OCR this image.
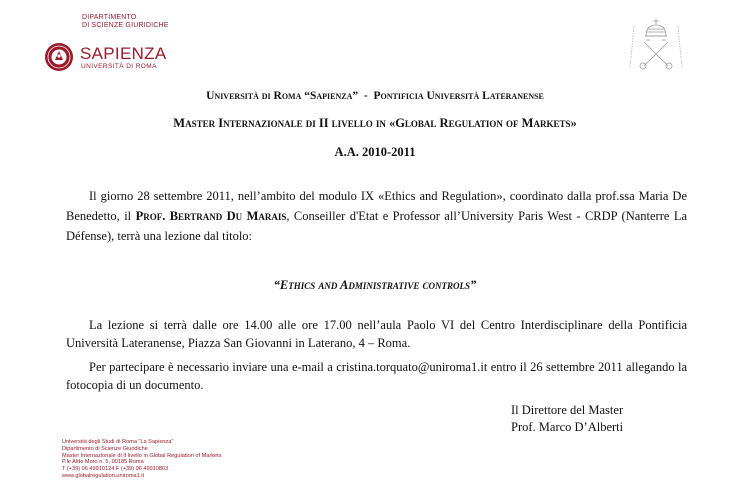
DIPARTIMENTO
DI SCIENZE GIURIDICHE
SAPIENZA
UNIVERSITÀ DI ROMA
Università di Roma “Sapienza”  -  Pontificia Università Lateranense
Master Internazionale di II livello in «Global Regulation of Markets»
A.A. 2010-2011
Il giorno 28 settembre 2011, nell’ambito del modulo IX «Ethics and Regulation», coordinato dalla prof.ssa Maria De Benedetto, il Prof. Bertrand Du Marais, Conseiller d'Etat e Professor all’University Paris West - CRDP (Nanterre La Défense), terrà una lezione dal titolo:
“Ethics and Administrative controls”
La lezione si terrà dalle ore 14.00 alle ore 17.00 nell’aula Paolo VI del Centro Interdisciplinare della Pontificia Università Lateranense, Piazza San Giovanni in Laterano, 4 – Roma.
Per partecipare è necessario inviare una e-mail a cristina.torquato@uniroma1.it entro il 26 settembre 2011 allegando la fotocopia di un documento.
Il Direttore del Master
Prof. Marco D’Alberti
Università degli Studi di Roma “La Sapienza”
Dipartimento di Scienze Giuridiche
Master Internazionale di II livello in Global Regulation of Markets
P.le Aldo Moro n. 5, 00185 Roma
T (+39) 06 49910124 F (+39) 06 49910803
www.globalregulation.uniroma1.it
